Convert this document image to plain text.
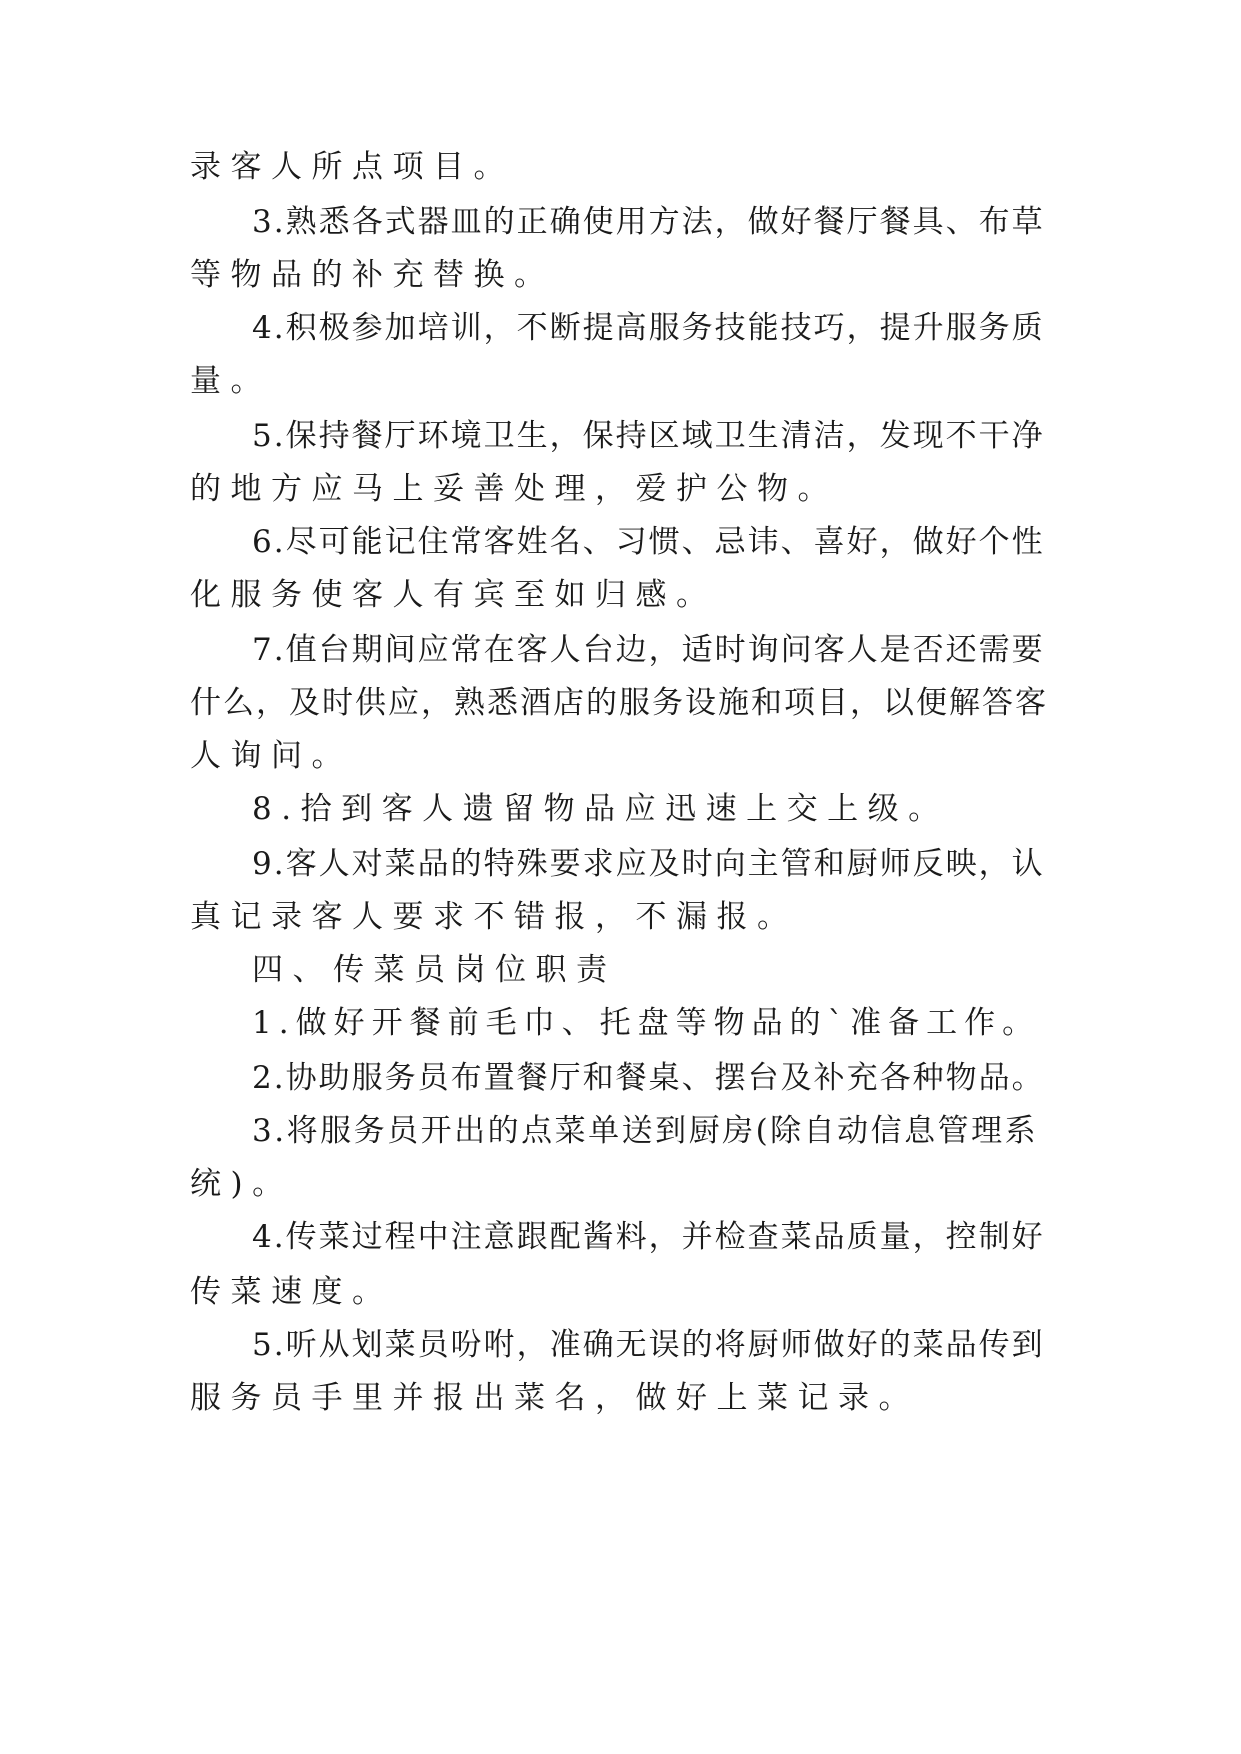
录客人所点项目。
3.熟悉各式器皿的正确使用方法，做好餐厅餐具、布草
等物品的补充替换。
4.积极参加培训，不断提高服务技能技巧，提升服务质
量。
5.保持餐厅环境卫生，保持区域卫生清洁，发现不干净
的地方应马上妥善处理，爱护公物。
6.尽可能记住常客姓名、习惯、忌讳、喜好，做好个性
化服务使客人有宾至如归感。
7.值台期间应常在客人台边，适时询问客人是否还需要
什么，及时供应，熟悉酒店的服务设施和项目，以便解答客
人询问。
8.拾到客人遗留物品应迅速上交上级。
9.客人对菜品的特殊要求应及时向主管和厨师反映，认
真记录客人要求不错报，不漏报。
四、传菜员岗位职责
1.做好开餐前毛巾、托盘等物品的`准备工作。
2.协助服务员布置餐厅和餐桌、摆台及补充各种物品。
3.将服务员开出的点菜单送到厨房(除自动信息管理系
统)。
4.传菜过程中注意跟配酱料，并检查菜品质量，控制好
传菜速度。
5.听从划菜员吩咐，准确无误的将厨师做好的菜品传到
服务员手里并报出菜名，做好上菜记录。
